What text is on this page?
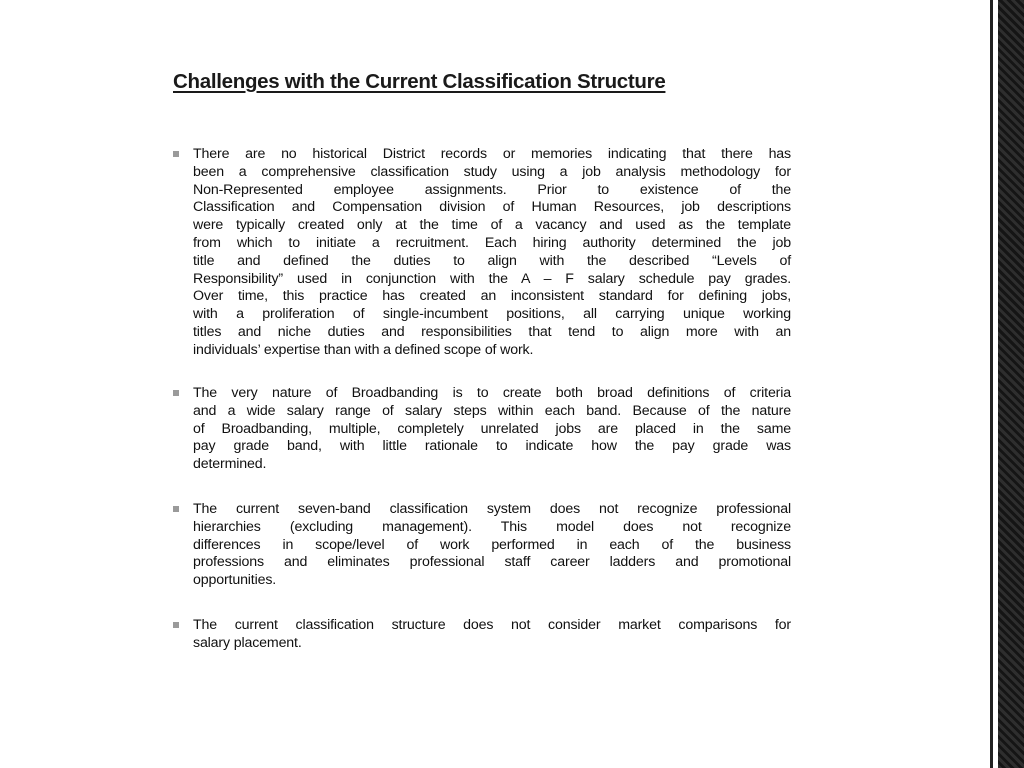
Challenges with the Current Classification Structure
There are no historical District records or memories indicating that there has
been a comprehensive classification study using a job analysis methodology for
Non-Represented employee assignments. Prior to existence of the
Classification and Compensation division of Human Resources, job descriptions
were typically created only at the time of a vacancy and used as the template
from which to initiate a recruitment. Each hiring authority determined the job
title and defined the duties to align with the described “Levels of
Responsibility” used in conjunction with the A – F salary schedule pay grades.
Over time, this practice has created an inconsistent standard for defining jobs,
with a proliferation of single-incumbent positions, all carrying unique working
titles and niche duties and responsibilities that tend to align more with an
individuals’ expertise than with a defined scope of work.
The very nature of Broadbanding is to create both broad definitions of criteria
and a wide salary range of salary steps within each band. Because of the nature
of Broadbanding, multiple, completely unrelated jobs are placed in the same
pay grade band, with little rationale to indicate how the pay grade was
determined.
The current seven-band classification system does not recognize professional
hierarchies (excluding management). This model does not recognize
differences in scope/level of work performed in each of the business
professions and eliminates professional staff career ladders and promotional
opportunities.
The current classification structure does not consider market comparisons for
salary placement.
